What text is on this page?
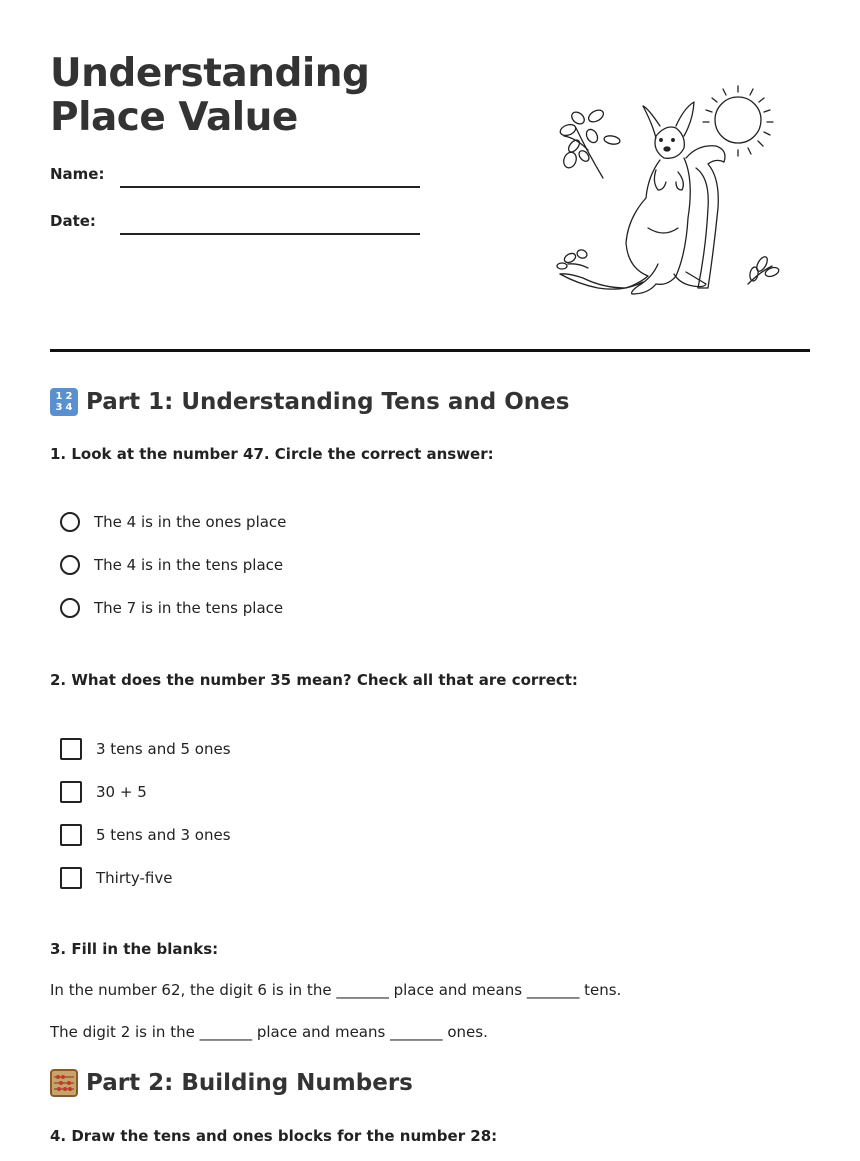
Understanding Place Value
Name:
Date:
1 2
3 4 Part 1: Understanding Tens and Ones
1. Look at the number 47. Circle the correct answer:
The 4 is in the ones place
The 4 is in the tens place
The 7 is in the tens place
2. What does the number 35 mean? Check all that are correct:
3 tens and 5 ones
30 + 5
5 tens and 3 ones
Thirty-five
3. Fill in the blanks:
In the number 62, the digit 6 is in the _______ place and means _______ tens.
The digit 2 is in the _______ place and means _______ ones.
Part 2: Building Numbers
4. Draw the tens and ones blocks for the number 28:
